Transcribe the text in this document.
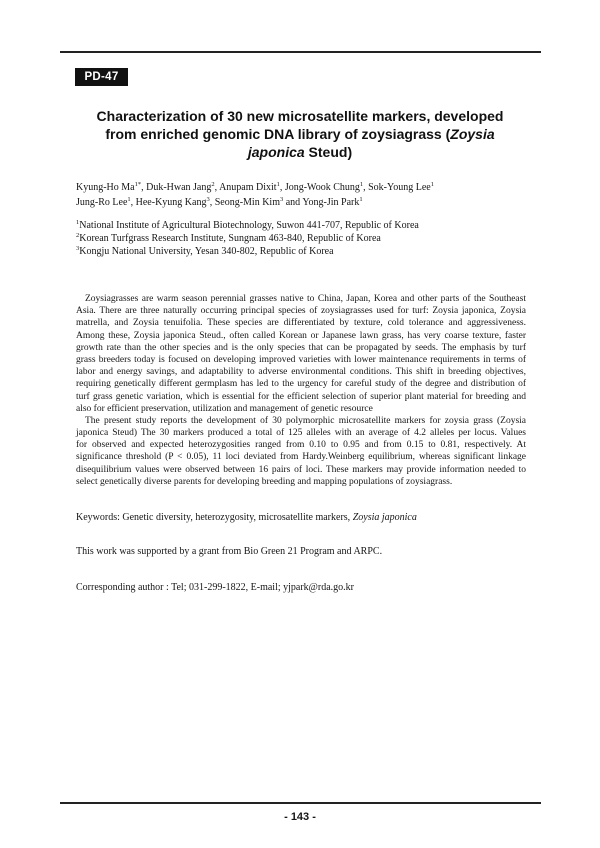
PD-47
Characterization of 30 new microsatellite markers, developed
from enriched genomic DNA library of zoysiagrass (Zoysia
japonica Steud)
Kyung-Ho $Ma^{1*}$, Duk-Hwan Jang$^2$, Anupam Dixit$^1$, Jong-Wook Chung$^1$, Sok-Young Lee$^1$
Jung-Ro Lee$^1$, Hee-Kyung Kang$^3$, Seong-Min Kim$^3$ and Yong-Jin Park$^1$
$^1$National Institute of Agricultural Biotechnology, Suwon 441-707, Republic of Korea
$^2$Korean Turfgrass Research Institute, Sungnam 463-840, Republic of Korea
$^3$Kongju National University, Yesan 340-802, Republic of Korea
Zoysiagrasses are warm season perennial grasses native to China, Japan, Korea and other parts of the Southeast
Asia. There are three naturally occurring principal species of zoysiagrasses used for turf: Zoysia japonica, Zoysia
matrella, and Zoysia tenuifolia. These species are differentiated by texture, cold tolerance and aggressiveness.
Among these, Zoysia japonica Steud., often called Korean or Japanese lawn grass, has very coarse texture, faster
growth rate than the other species and is the only species that can be propagated by seeds. The emphasis by turf
grass breeders today is focused on developing improved varieties with lower maintenance requirements in terms of
labor and energy savings, and adaptability to adverse environmental conditions. This shift in breeding objectives,
requiring genetically different germplasm has led to the urgency for careful study of the degree and distribution of
turf grass genetic variation, which is essential for the efficient selection of superior plant material for breeding and
also for efficient preservation, utilization and management of genetic resource
The present study reports the development of 30 polymorphic microsatellite markers for zoysia grass (Zoysia
japonica Steud) The 30 markers produced a total of 125 alleles with an average of 4.2 alleles per locus. Values
for observed and expected heterozygosities ranged from 0.10 to 0.95 and from 0.15 to 0.81, respectively. At
significance threshold (P < 0.05), 11 loci deviated from Hardy.Weinberg equilibrium, whereas significant linkage
disequilibrium values were observed between 16 pairs of loci. These markers may provide information needed to
select genetically diverse parents for developing breeding and mapping populations of zoysiagrass.
Keywords: Genetic diversity, heterozygosity, microsatellite markers, Zoysia japonica
This work was supported by a grant from Bio Green 21 Program and ARPC.
Corresponding author : Tel; 031-299-1822, E-mail; yjpark@rda.go.kr
- 143 -
